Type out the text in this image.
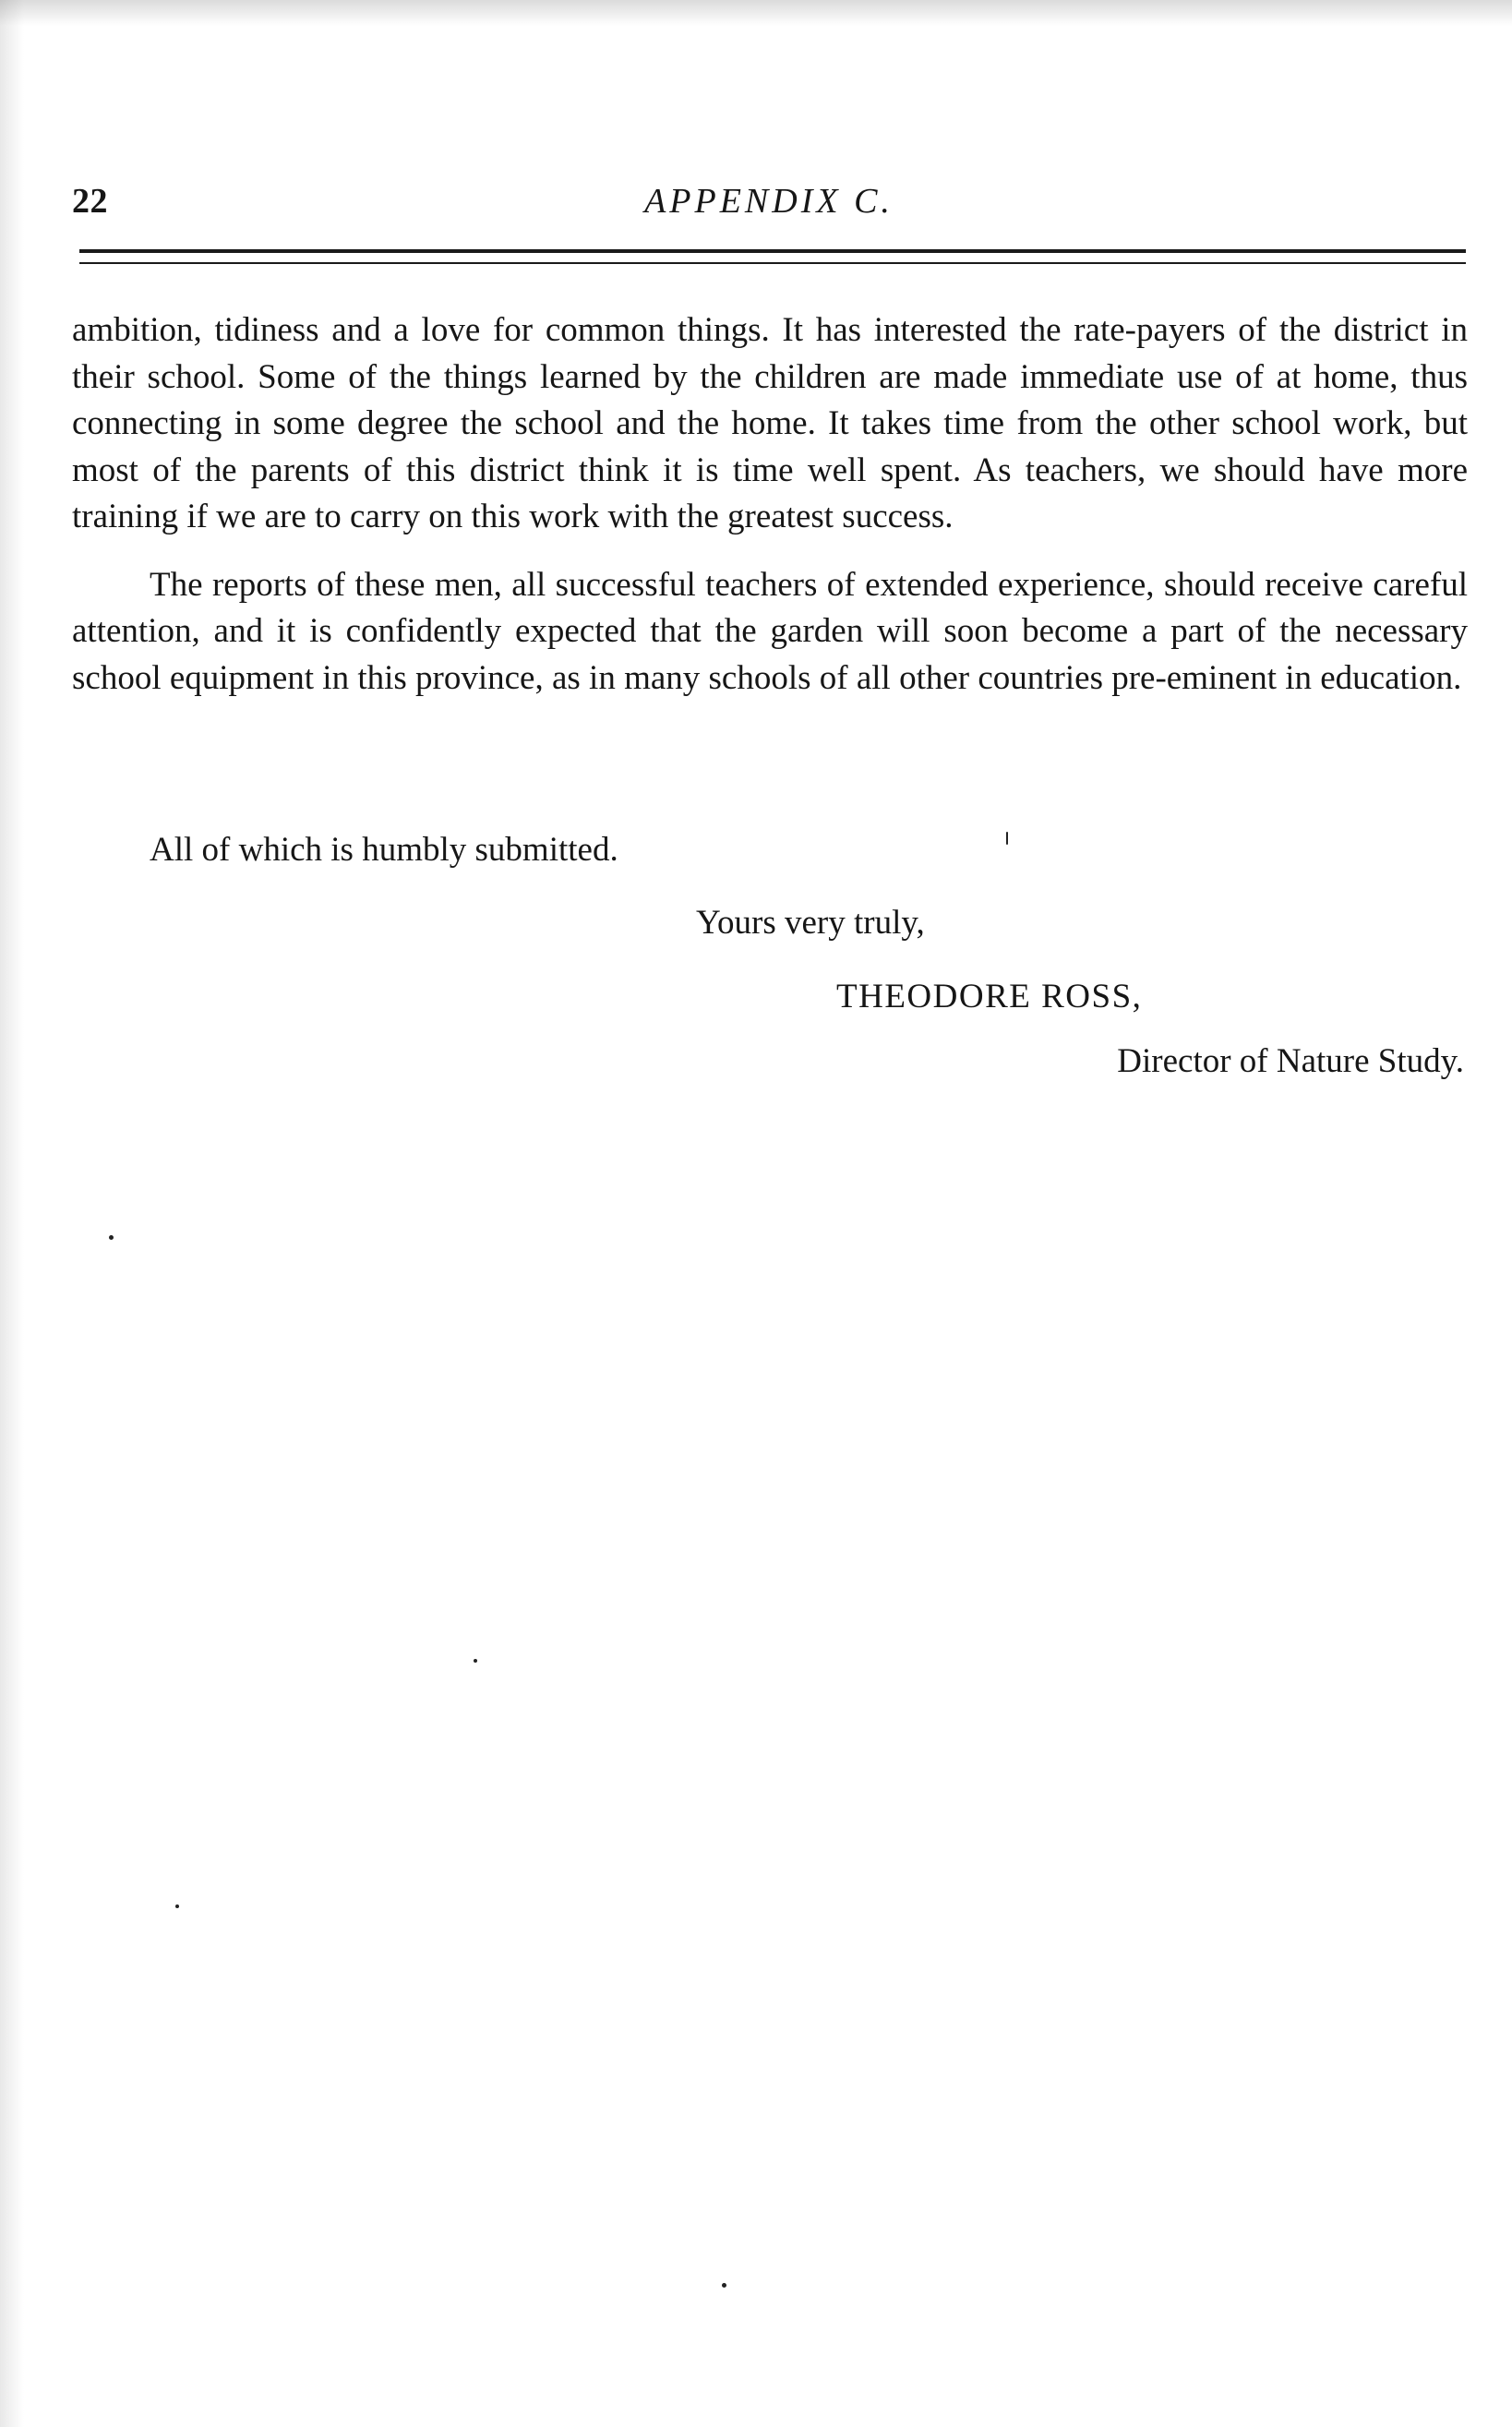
22	APPENDIX C.

ambition, tidiness and a love for common things. It has interested the rate-payers of the district in their school. Some of the things learned by the children are made immediate use of at home, thus connecting in some degree the school and the home. It takes time from the other school work, but most of the parents of this district think it is time well spent. As teachers, we should have more training if we are to carry on this work with the greatest success.

The reports of these men, all successful teachers of extended experience, should receive careful attention, and it is confidently expected that the garden will soon become a part of the necessary school equipment in this province, as in many schools of all other countries pre-eminent in education.

All of which is humbly submitted.
Yours very truly,
THEODORE ROSS,
Director of Nature Study.
